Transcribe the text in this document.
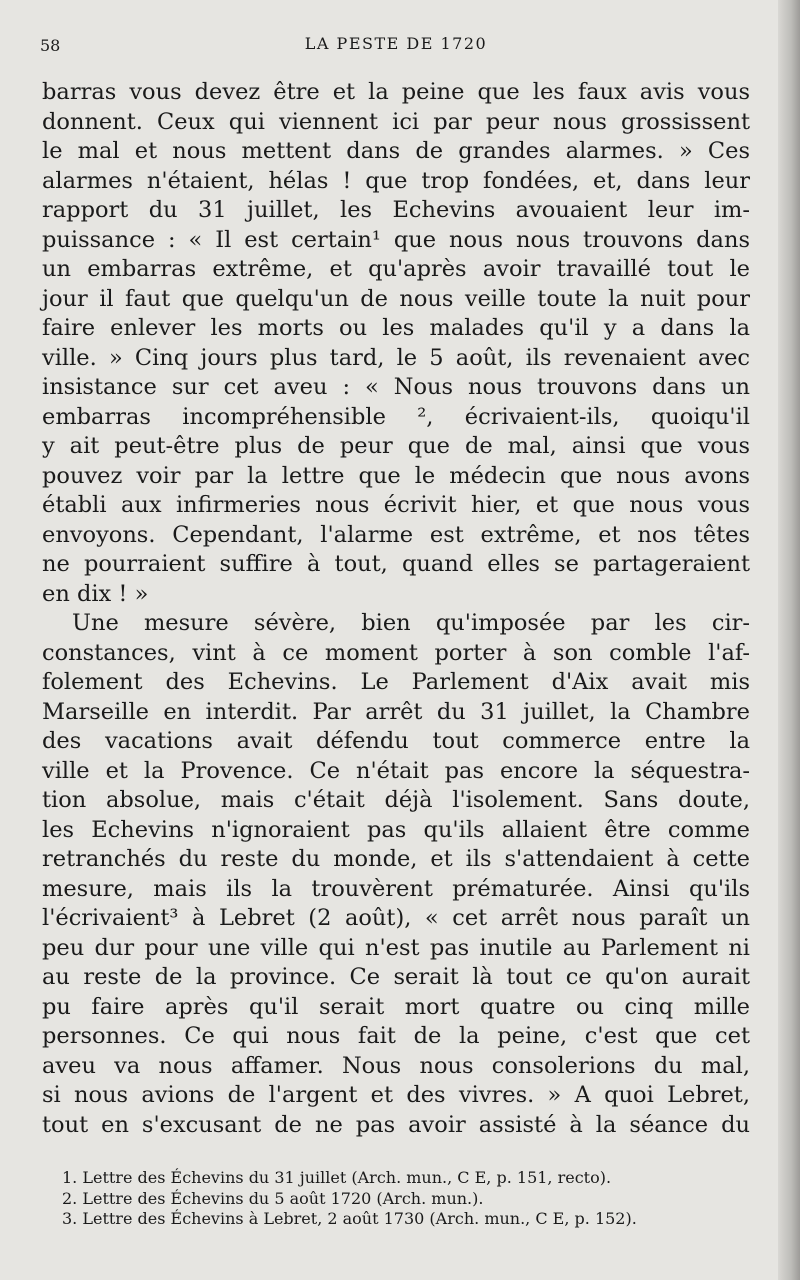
58	LA PESTE DE 1720
barras vous devez être et la peine que les faux avis vous
donnent. Ceux qui viennent ici par peur nous grossissent
le mal et nous mettent dans de grandes alarmes. » Ces
alarmes n'étaient, hélas ! que trop fondées, et, dans leur
rapport du 31 juillet, les Echevins avouaient leur im-
puissance : « Il est certain¹ que nous nous trouvons dans
un embarras extrême, et qu'après avoir travaillé tout le
jour il faut que quelqu'un de nous veille toute la nuit pour
faire enlever les morts ou les malades qu'il y a dans la
ville. » Cinq jours plus tard, le 5 août, ils revenaient avec
insistance sur cet aveu : « Nous nous trouvons dans un
embarras incompréhensible ², écrivaient-ils, quoiqu'il
y ait peut-être plus de peur que de mal, ainsi que vous
pouvez voir par la lettre que le médecin que nous avons
établi aux infirmeries nous écrivit hier, et que nous vous
envoyons. Cependant, l'alarme est extrême, et nos têtes
ne pourraient suffire à tout, quand elles se partageraient
en dix ! »
Une mesure sévère, bien qu'imposée par les cir-
constances, vint à ce moment porter à son comble l'af-
folement des Echevins. Le Parlement d'Aix avait mis
Marseille en interdit. Par arrêt du 31 juillet, la Chambre
des vacations avait défendu tout commerce entre la
ville et la Provence. Ce n'était pas encore la séquestra-
tion absolue, mais c'était déjà l'isolement. Sans doute,
les Echevins n'ignoraient pas qu'ils allaient être comme
retranchés du reste du monde, et ils s'attendaient à cette
mesure, mais ils la trouvèrent prématurée. Ainsi qu'ils
l'écrivaient³ à Lebret (2 août), « cet arrêt nous paraît un
peu dur pour une ville qui n'est pas inutile au Parlement ni
au reste de la province. Ce serait là tout ce qu'on aurait
pu faire après qu'il serait mort quatre ou cinq mille
personnes. Ce qui nous fait de la peine, c'est que cet
aveu va nous affamer. Nous nous consolerions du mal,
si nous avions de l'argent et des vivres. » A quoi Lebret,
tout en s'excusant de ne pas avoir assisté à la séance du
1. Lettre des Échevins du 31 juillet (Arch. mun., C E, p. 151, recto).
2. Lettre des Échevins du 5 août 1720 (Arch. mun.).
3. Lettre des Échevins à Lebret, 2 août 1730 (Arch. mun., C E, p. 152).
